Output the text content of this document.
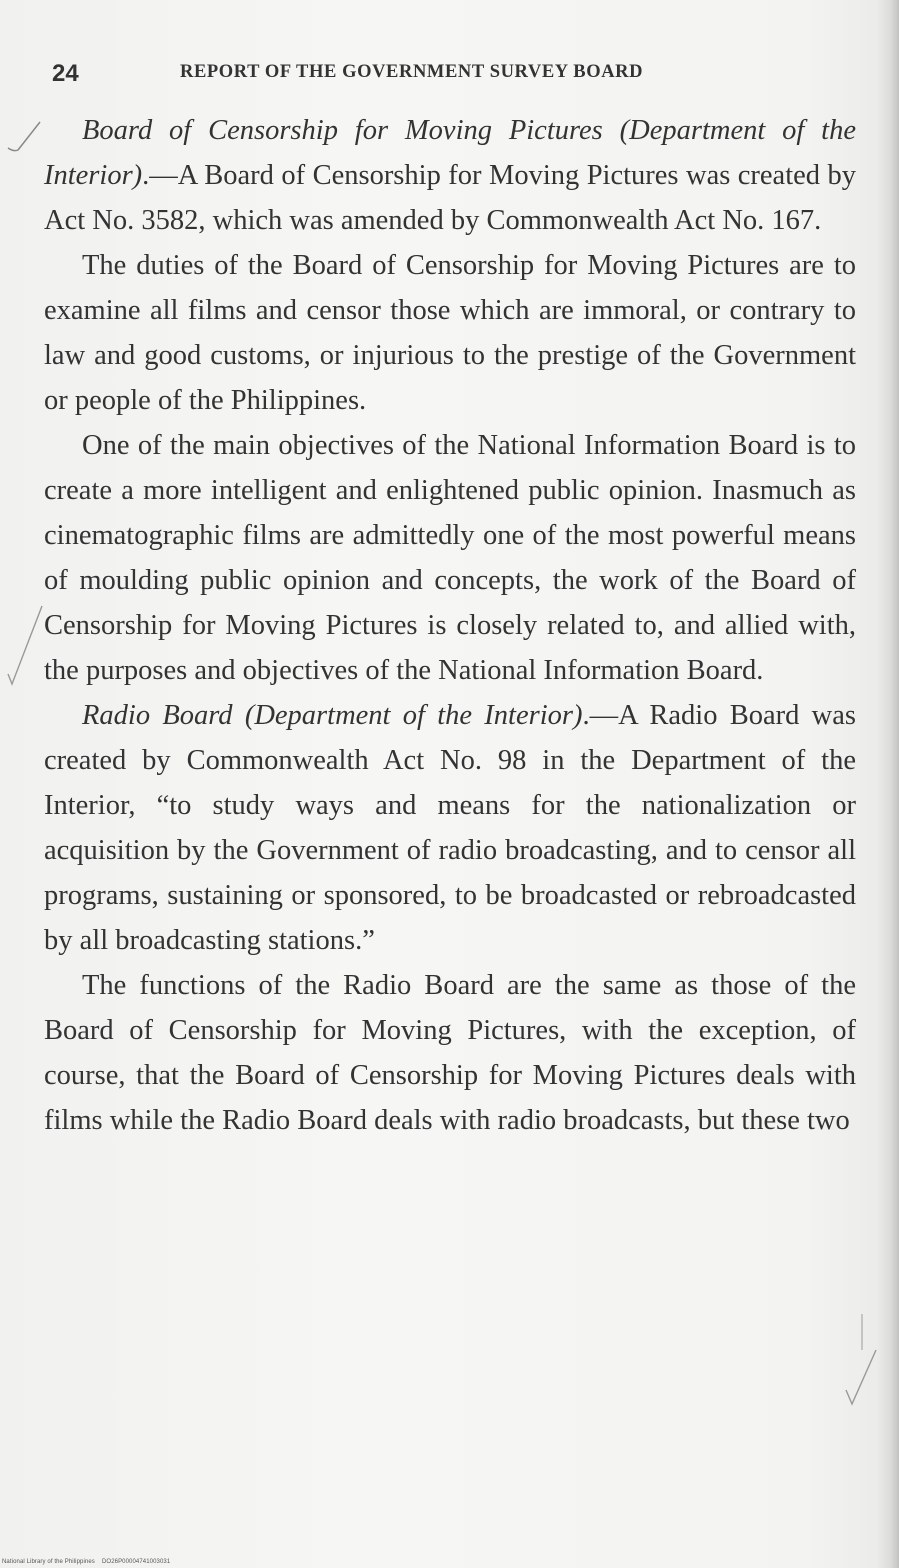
24	REPORT OF THE GOVERNMENT SURVEY BOARD

Board of Censorship for Moving Pictures (Department of the Interior).—A Board of Censorship for Moving Pictures was created by Act No. 3582, which was amended by Commonwealth Act No. 167.

The duties of the Board of Censorship for Moving Pictures are to examine all films and censor those which are immoral, or contrary to law and good customs, or injurious to the prestige of the Government or people of the Philippines.

One of the main objectives of the National Information Board is to create a more intelligent and enlightened public opinion. Inasmuch as cinematographic films are admittedly one of the most powerful means of moulding public opinion and concepts, the work of the Board of Censorship for Moving Pictures is closely related to, and allied with, the purposes and objectives of the National Information Board.

Radio Board (Department of the Interior).—A Radio Board was created by Commonwealth Act No. 98 in the Department of the Interior, “to study ways and means for the nationalization or acquisition by the Government of radio broadcasting, and to censor all programs, sustaining or sponsored, to be broadcasted or rebroadcasted by all broadcasting stations.”

The functions of the Radio Board are the same as those of the Board of Censorship for Moving Pictures, with the exception, of course, that the Board of Censorship for Moving Pictures deals with films while the Radio Board deals with radio broadcasts, but these two

National Library of the Philippines DO26P00004741003031
